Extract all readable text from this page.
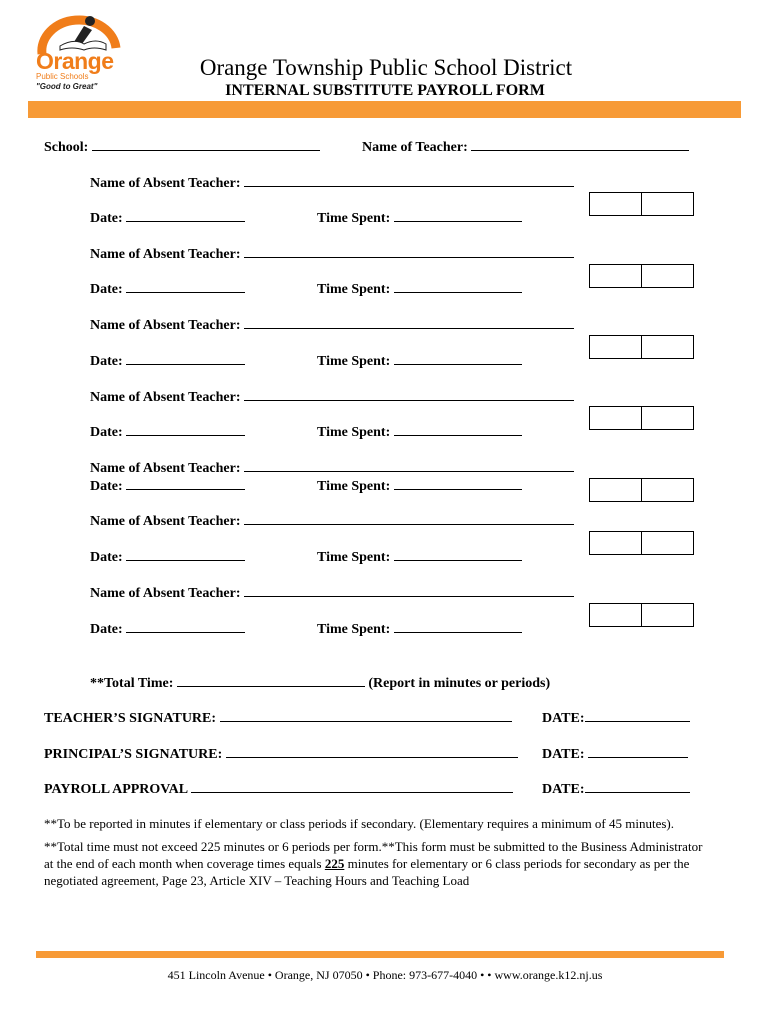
Orange
Public Schools
"Good to Great"
Orange Township Public School District
INTERNAL SUBSTITUTE PAYROLL FORM
School:	Name of Teacher:
Name of Absent Teacher:
Date:	Time Spent:
Name of Absent Teacher:
Date:	Time Spent:
Name of Absent Teacher:
Date:	Time Spent:
Name of Absent Teacher:
Date:	Time Spent:
Name of Absent Teacher:
Date:	Time Spent:
Name of Absent Teacher:
Date:	Time Spent:
Name of Absent Teacher:
Date:	Time Spent:
**Total Time:	(Report in minutes or periods)
TEACHER’S SIGNATURE:	DATE:
PRINCIPAL’S SIGNATURE:	DATE:
PAYROLL APPROVAL	DATE:
**To be reported in minutes if elementary or class periods if secondary. (Elementary requires a minimum of 45 minutes).
**Total time must not exceed 225 minutes or 6 periods per form.**This form must be submitted to the Business Administrator at the end of each month when coverage times equals 225 minutes for elementary or 6 class periods for secondary as per the negotiated agreement, Page 23, Article XIV – Teaching Hours and Teaching Load
451 Lincoln Avenue • Orange, NJ 07050 • Phone: 973-677-4040 • • www.orange.k12.nj.us
